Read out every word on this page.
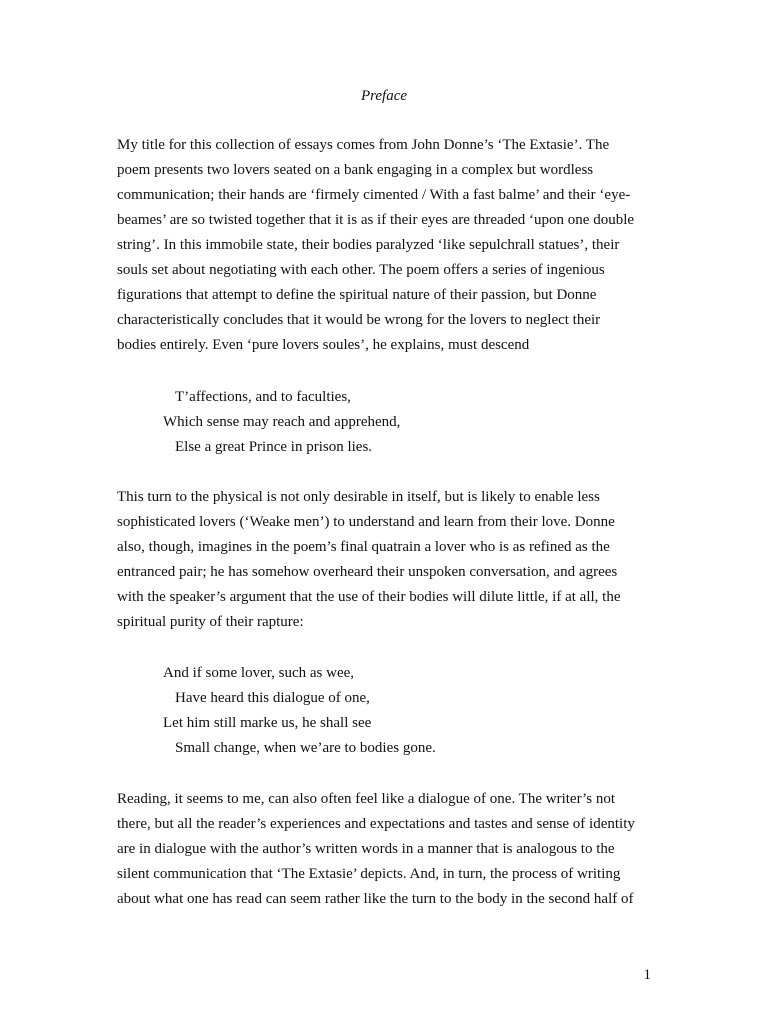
Preface

My title for this collection of essays comes from John Donne’s ‘The Extasie’. The
poem presents two lovers seated on a bank engaging in a complex but wordless
communication; their hands are ‘firmely cimented / With a fast balme’ and their ‘eye-
beames’ are so twisted together that it is as if their eyes are threaded ‘upon one double
string’. In this immobile state, their bodies paralyzed ‘like sepulchrall statues’, their
souls set about negotiating with each other. The poem offers a series of ingenious
figurations that attempt to define the spiritual nature of their passion, but Donne
characteristically concludes that it would be wrong for the lovers to neglect their
bodies entirely. Even ‘pure lovers soules’, he explains, must descend

T’affections, and to faculties,
Which sense may reach and apprehend,
Else a great Prince in prison lies.

This turn to the physical is not only desirable in itself, but is likely to enable less
sophisticated lovers (‘Weake men’) to understand and learn from their love. Donne
also, though, imagines in the poem’s final quatrain a lover who is as refined as the
entranced pair; he has somehow overheard their unspoken conversation, and agrees
with the speaker’s argument that the use of their bodies will dilute little, if at all, the
spiritual purity of their rapture:

And if some lover, such as wee,
Have heard this dialogue of one,
Let him still marke us, he shall see
Small change, when we’are to bodies gone.

Reading, it seems to me, can also often feel like a dialogue of one. The writer’s not
there, but all the reader’s experiences and expectations and tastes and sense of identity
are in dialogue with the author’s written words in a manner that is analogous to the
silent communication that ‘The Extasie’ depicts. And, in turn, the process of writing
about what one has read can seem rather like the turn to the body in the second half of

1
